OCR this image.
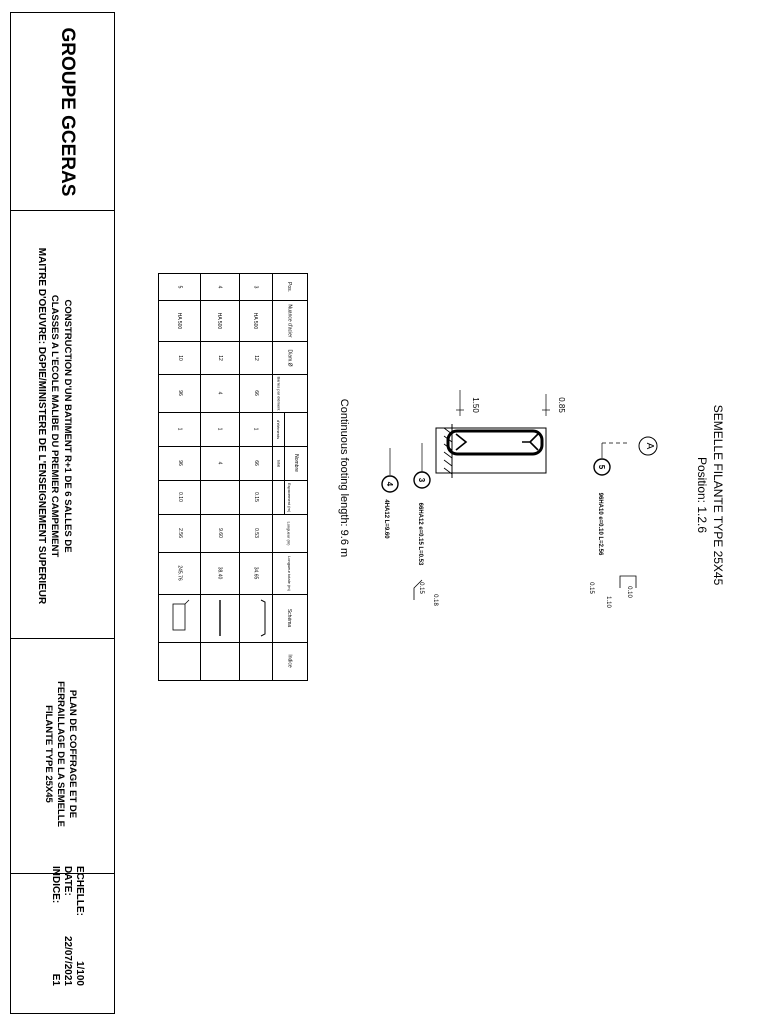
GROUPE GCERAS
CONSTRUCTION D'UN BATIMENT R+1 DE 6 SALLES DE
CLASSES A L'ECOLE MALIBE DU PREMIER CAMPEMENT
MAITRE D'OEUVRE: DGPIE/MINISTERE DE L'ENSEIGNEMENT SUPERIEUR
PLAN DE COFFRAGE ET DE
FERRAILLAGE DE LA SEMELLE
FILANTE TYPE 25X45
ECHELLE:
1/100
DATE:
22/07/2021
INDICE:
E1
Pos.
Nuance d'acier
Diam.Ø
Nombre
Barres par élément
d'éléments
total
Espacement (m)
Longueur (m)
Longueur totale (m)
Schéma
Indice
3
HA 500
12
66
1
66
0.15
0.53
34.65
4
HA 500
12
4
1
4
9.60
38.40
5
HA 500
10
96
1
96
0.10
2.56
245.76	SEMELLE FILANTE TYPE 25X45
Position: 1.2.6
Continuous footing length: 9.6 m	A
0.85
1.50
5
3
4
96HA10 e=0.10 L=2.56
66HA12 e=0.15 L=0.53
4HA12 L=9.60
0.15
1.10
0.10
0.15
0.18
